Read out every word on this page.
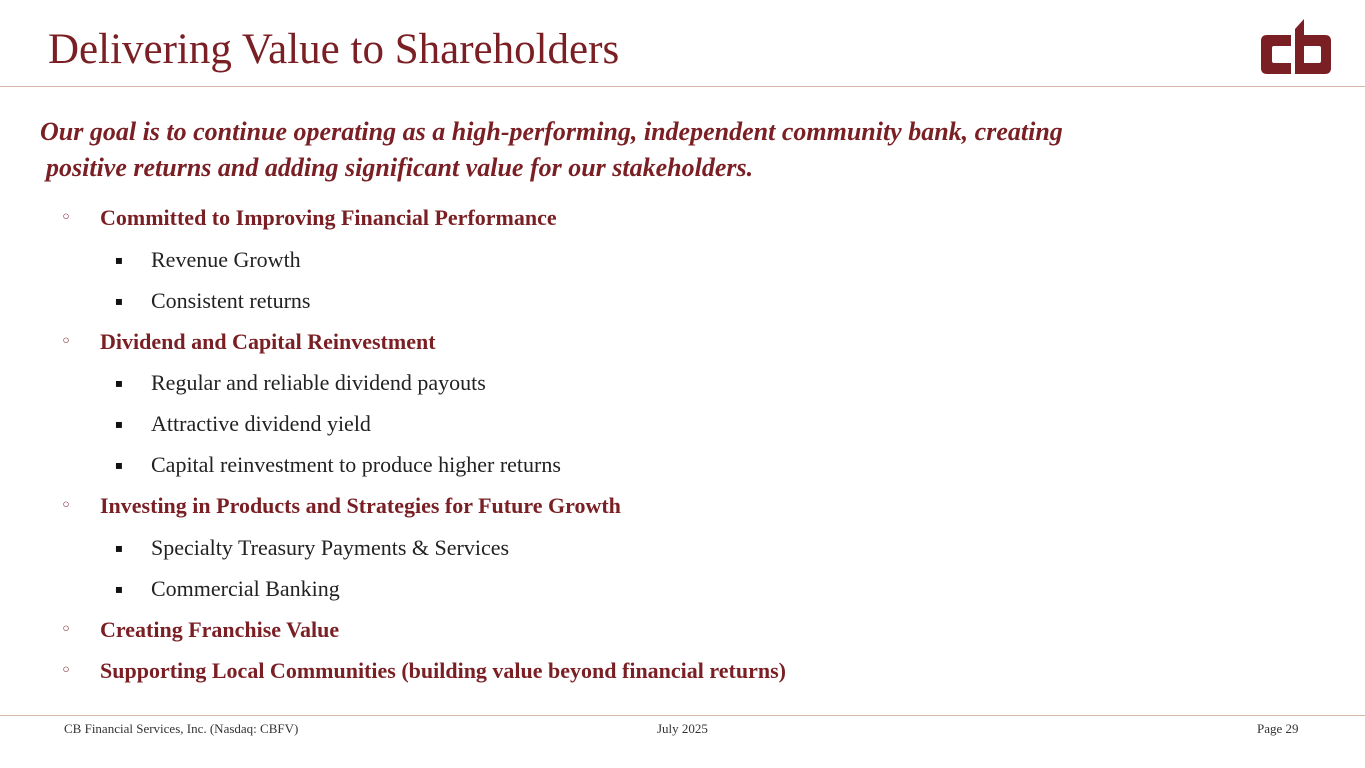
Delivering Value to Shareholders

Our goal is to continue operating as a high-performing, independent community bank, creating
positive returns and adding significant value for our stakeholders.

◦ Committed to Improving Financial Performance
▪ Revenue Growth
▪ Consistent returns
◦ Dividend and Capital Reinvestment
▪ Regular and reliable dividend payouts
▪ Attractive dividend yield
▪ Capital reinvestment to produce higher returns
◦ Investing in Products and Strategies for Future Growth
▪ Specialty Treasury Payments & Services
▪ Commercial Banking
◦ Creating Franchise Value
◦ Supporting Local Communities (building value beyond financial returns)
CB Financial Services, Inc. (Nasdaq: CBFV)	July 2025	Page 29
